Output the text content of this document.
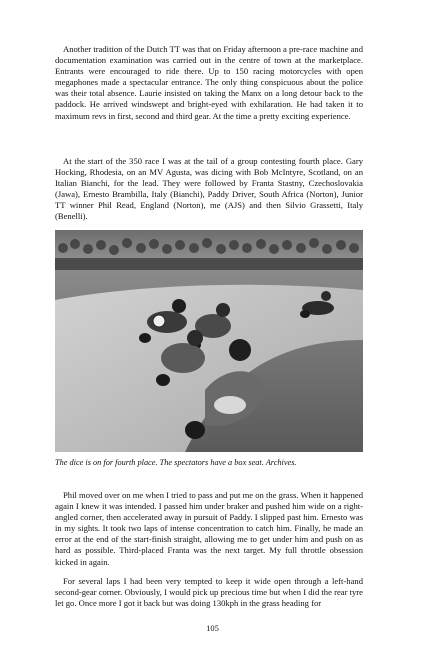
Another tradition of the Dutch TT was that on Friday afternoon a pre-race machine and documentation examination was carried out in the centre of town at the marketplace. Entrants were encouraged to ride there. Up to 150 racing motorcycles with open megaphones made a spectacular entrance. The only thing conspicuous about the police was their total absence. Laurie insisted on taking the Manx on a long detour back to the paddock. He arrived windswept and bright-eyed with exhilaration. He had taken it to maximum revs in first, second and third gear. At the time a pretty exciting experience.
At the start of the 350 race I was at the tail of a group contesting fourth place. Gary Hocking, Rhodesia, on an MV Agusta, was dicing with Bob McIntyre, Scotland, on an Italian Bianchi, for the lead. They were followed by Franta Stastny, Czechoslovakia (Jawa), Ernesto Brambilla, Italy (Bianchi), Paddy Driver, South Africa (Norton), Junior TT winner Phil Read, England (Norton), me (AJS) and then Silvio Grassetti, Italy (Benelli).
The dice is on for fourth place. The spectators have a box seat. Archives.
Phil moved over on me when I tried to pass and put me on the grass. When it happened again I knew it was intended. I passed him under braker and pushed him wide on a right-angled corner, then accelerated away in pursuit of Paddy. I slipped past him. Ernesto was in my sights. It took two laps of intense concentration to catch him. Finally, he made an error at the end of the start-finish straight, allowing me to get under him and push on as hard as possible. Third-placed Franta was the next target. My full throttle obsession kicked in again.
For several laps I had been very tempted to keep it wide open through a left-hand second-gear corner. Obviously, I would pick up precious time but when I did the rear tyre let go. Once more I got it back but was doing 130kph in the grass heading for
105
